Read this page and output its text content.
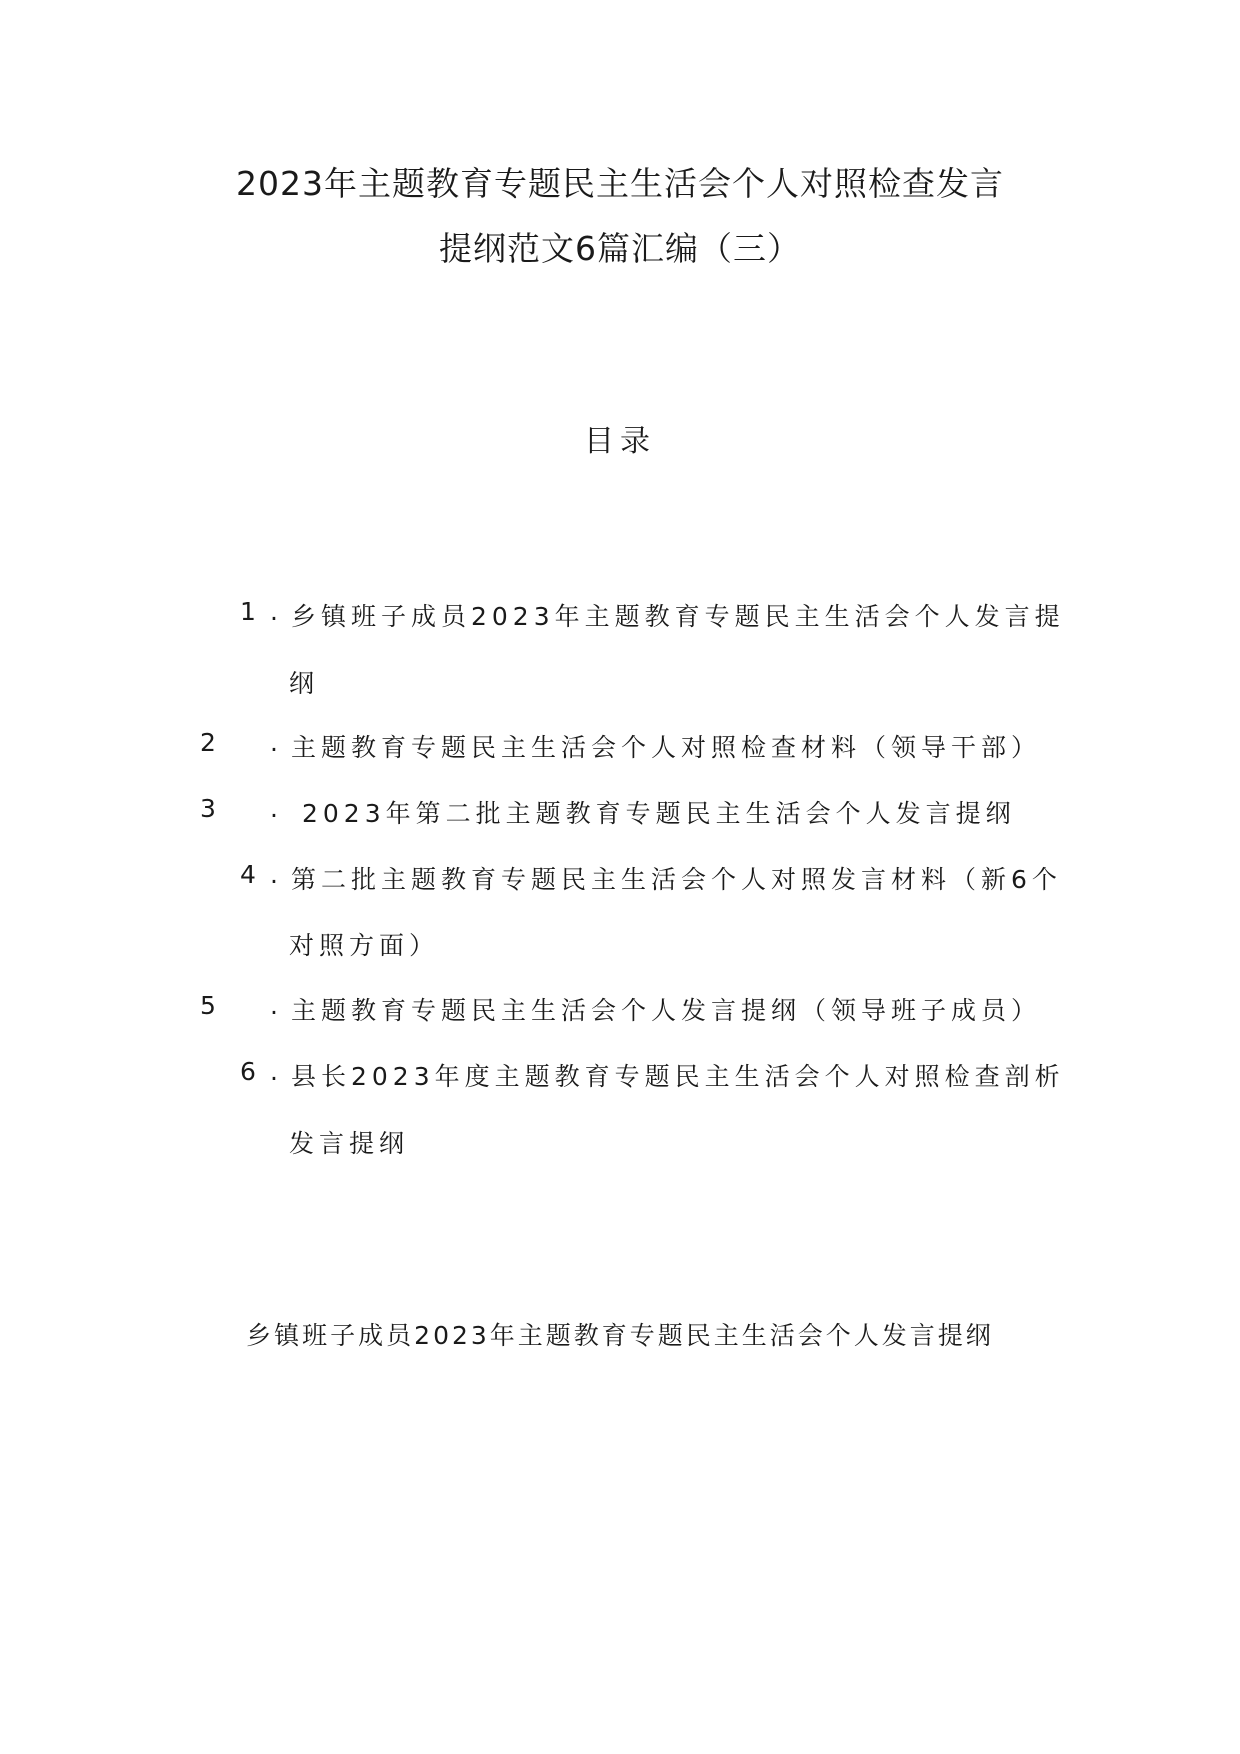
2023年主题教育专题民主生活会个人对照检查发言
提纲范文6篇汇编（三）
目录
1 . 乡镇班子成员2023年主题教育专题民主生活会个人发言提
纲
2 . 主题教育专题民主生活会个人对照检查材料（领导干部）
3 . 2023年第二批主题教育专题民主生活会个人发言提纲
4 . 第二批主题教育专题民主生活会个人对照发言材料（新6个
对照方面）
5 . 主题教育专题民主生活会个人发言提纲（领导班子成员）
6 . 县长2023年度主题教育专题民主生活会个人对照检查剖析
发言提纲
乡镇班子成员2023年主题教育专题民主生活会个人发言提纲
